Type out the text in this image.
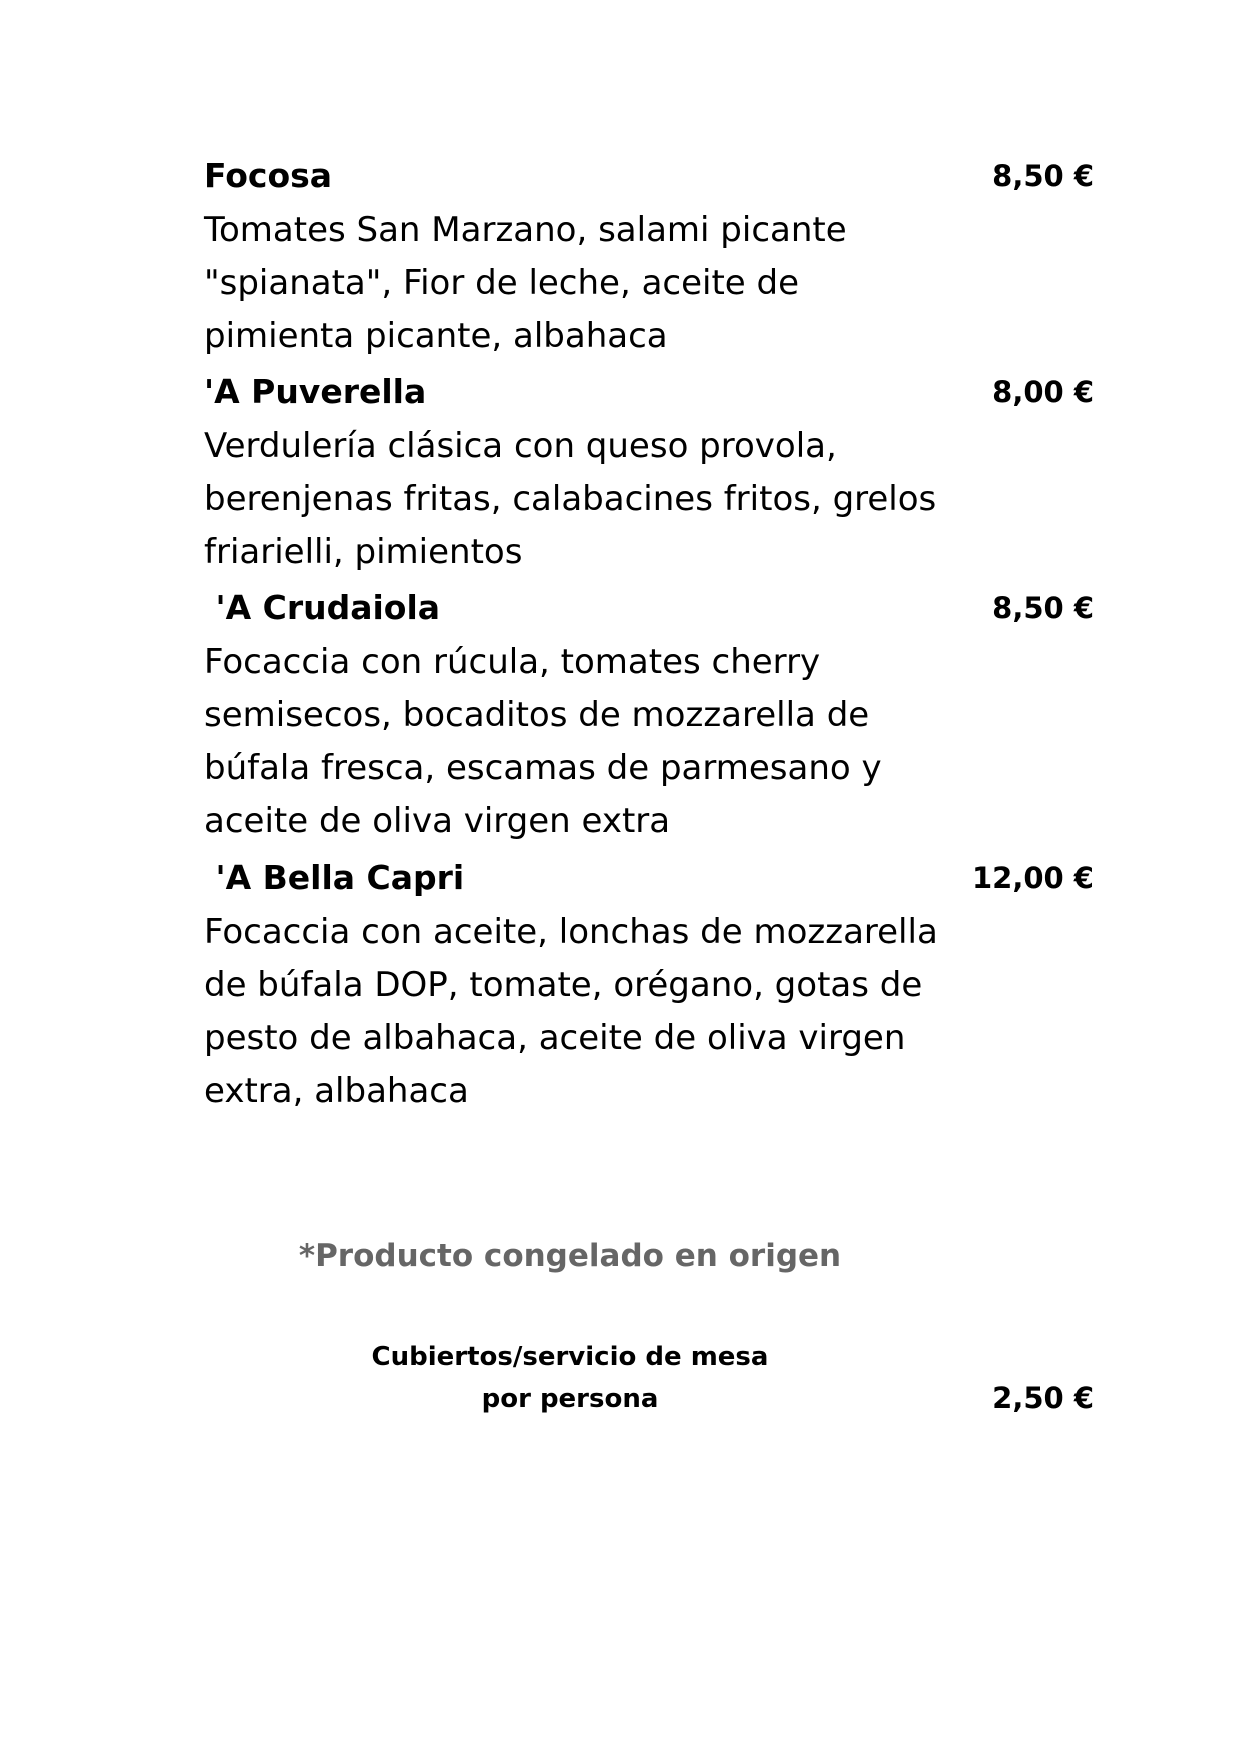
Focosa	8,50 €
Tomates San Marzano, salami picante
"spianata", Fior de leche, aceite de
pimienta picante, albahaca
'A Puverella	8,00 €
Verdulería clásica con queso provola,
berenjenas fritas, calabacines fritos, grelos
friarielli, pimientos
'A Crudaiola	8,50 €
Focaccia con rúcula, tomates cherry
semisecos, bocaditos de mozzarella de
búfala fresca, escamas de parmesano y
aceite de oliva virgen extra
'A Bella Capri	12,00 €
Focaccia con aceite, lonchas de mozzarella
de búfala DOP, tomate, orégano, gotas de
pesto de albahaca, aceite de oliva virgen
extra, albahaca
*Producto congelado en origen
Cubiertos/servicio de mesa
por persona	2,50 €
